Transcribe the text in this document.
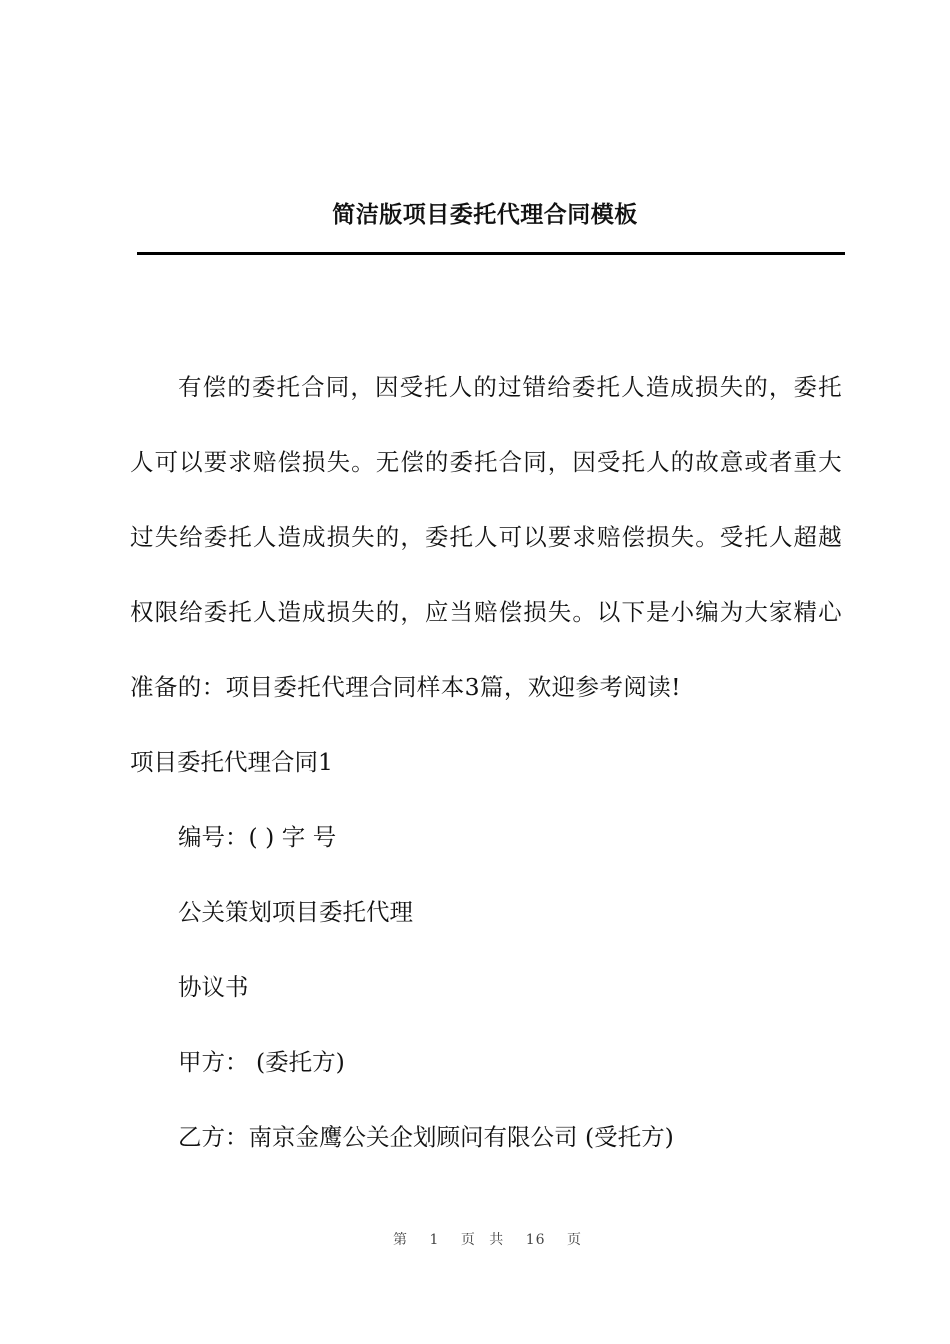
简洁版项目委托代理合同模板

有偿的委托合同，因受托人的过错给委托人造成损失的，委托人可以要求赔偿损失。无偿的委托合同，因受托人的故意或者重大过失给委托人造成损失的，委托人可以要求赔偿损失。受托人超越权限给委托人造成损失的，应当赔偿损失。以下是小编为大家精心准备的：项目委托代理合同样本3篇，欢迎参考阅读!

项目委托代理合同1

编号：( ) 字 号

公关策划项目委托代理

协议书

甲方： (委托方)

乙方：南京金鹰公关企划顾问有限公司 (受托方)

第 1 页 共 16 页
